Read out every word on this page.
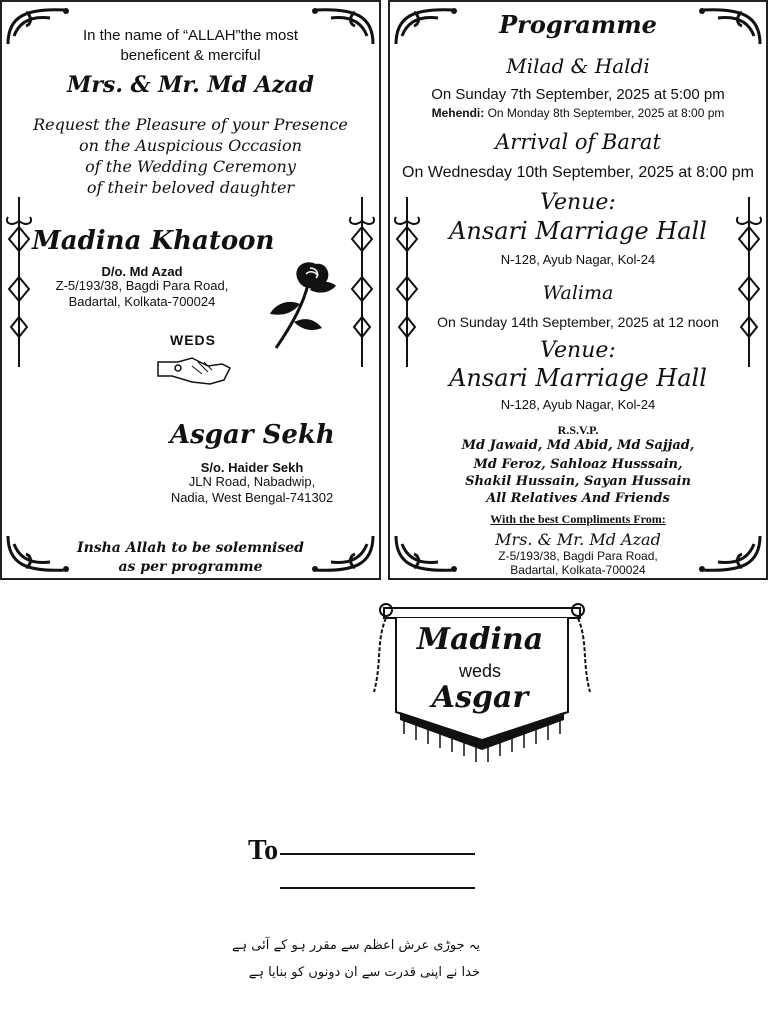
In the name of “ALLAH”the most
beneficent & merciful
Mrs. & Mr. Md Azad
Request the Pleasure of your Presence
on the Auspicious Occasion
of the Wedding Ceremony
of their beloved daughter
Madina Khatoon
D/o. Md Azad
Z-5/193/38, Bagdi Para Road,
Badartal, Kolkata-700024
WEDS
Asgar Sekh
S/o. Haider Sekh
JLN Road, Nabadwip,
Nadia, West Bengal-741302
Insha Allah to be solemnised
as per programme
Programme
Milad & Haldi
On Sunday 7th September, 2025 at 5:00 pm
Mehendi: On Monday 8th September, 2025 at 8:00 pm
Arrival of Barat
On Wednesday 10th September, 2025 at 8:00 pm
Venue:
Ansari Marriage Hall
N-128, Ayub Nagar, Kol-24
Walima
On Sunday 14th September, 2025 at 12 noon
Venue:
Ansari Marriage Hall
N-128, Ayub Nagar, Kol-24
R.S.V.P.
Md Jawaid, Md Abid, Md Sajjad,
Md Feroz, Sahloaz Husssain,
Shakil Hussain, Sayan Hussain
All Relatives And Friends
With the best Compliments From:
Mrs. & Mr. Md Azad
Z-5/193/38, Bagdi Para Road,
Badartal, Kolkata-700024
Madina
weds
Asgar
To
یہ جوڑی عرش اعظم سے مقرر ہو کے آئی ہے
خدا نے اپنی قدرت سے ان دونوں کو بنایا ہے
